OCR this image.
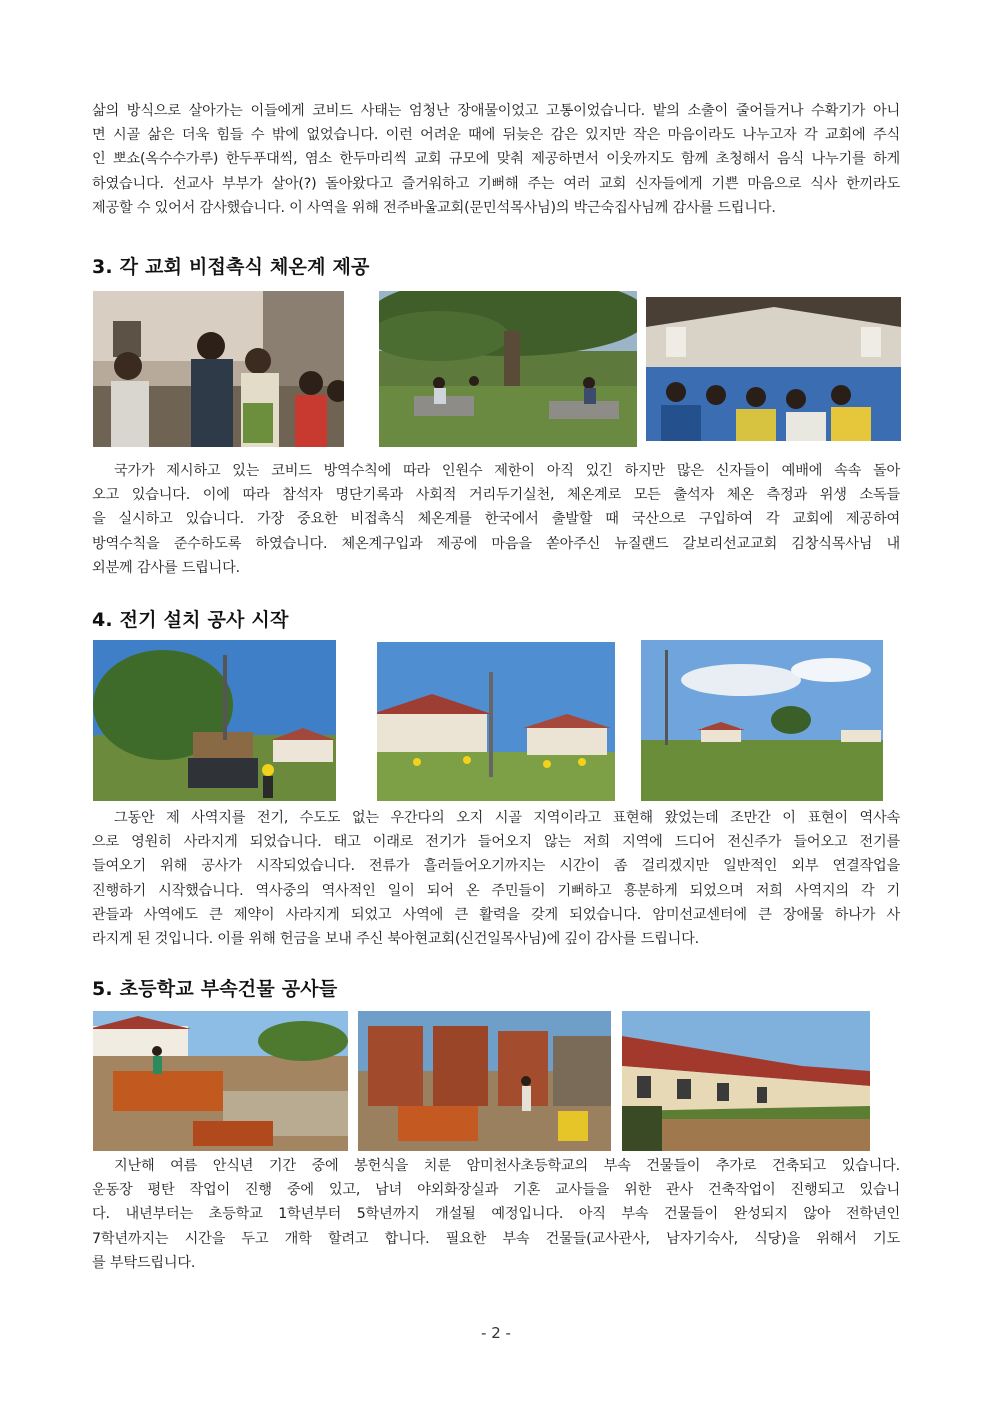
삶의 방식으로 살아가는 이들에게 코비드 사태는 엄청난 장애물이었고 고통이었습니다. 밭의 소출이 줄어들거나 수확기가 아니
면 시골 삶은 더욱 힘들 수 밖에 없었습니다. 이런 어려운 때에 뒤늦은 감은 있지만 작은 마음이라도 나누고자 각 교회에 주식
인 뽀쇼(옥수수가루) 한두푸대씩, 염소 한두마리씩 교회 규모에 맞춰 제공하면서 이웃까지도 함께 초청해서 음식 나누기를 하게
하였습니다. 선교사 부부가 살아(?) 돌아왔다고 즐거워하고 기뻐해 주는 여러 교회 신자들에게 기쁜 마음으로 식사 한끼라도
제공할 수 있어서 감사했습니다. 이 사역을 위해 전주바울교회(문민석목사님)의 박근숙집사님께 감사를 드립니다.
3. 각 교회 비접촉식 체온계 제공
국가가 제시하고 있는 코비드 방역수칙에 따라 인원수 제한이 아직 있긴 하지만 많은 신자들이 예배에 속속 돌아
오고 있습니다. 이에 따라 참석자 명단기록과 사회적 거리두기실천, 체온계로 모든 출석자 체온 측정과 위생 소독들
을 실시하고 있습니다. 가장 중요한 비접촉식 체온계를 한국에서 출발할 때 국산으로 구입하여 각 교회에 제공하여
방역수칙을 준수하도록 하였습니다. 체온계구입과 제공에 마음을 쏟아주신 뉴질랜드 갈보리선교교회 김창식목사님 내
외분께 감사를 드립니다.
4. 전기 설치 공사 시작
그동안 제 사역지를 전기, 수도도 없는 우간다의 오지 시골 지역이라고 표현해 왔었는데 조만간 이 표현이 역사속
으로 영원히 사라지게 되었습니다. 태고 이래로 전기가 들어오지 않는 저희 지역에 드디어 전신주가 들어오고 전기를
들여오기 위해 공사가 시작되었습니다. 전류가 흘러들어오기까지는 시간이 좀 걸리겠지만 일반적인 외부 연결작업을
진행하기 시작했습니다. 역사중의 역사적인 일이 되어 온 주민들이 기뻐하고 흥분하게 되었으며 저희 사역지의 각 기
관들과 사역에도 큰 제약이 사라지게 되었고 사역에 큰 활력을 갖게 되었습니다. 암미선교센터에 큰 장애물 하나가 사
라지게 된 것입니다. 이를 위해 헌금을 보내 주신 북아현교회(신건일목사님)에 깊이 감사를 드립니다.
5. 초등학교 부속건물 공사들
지난해 여름 안식년 기간 중에 봉헌식을 치룬 암미천사초등학교의 부속 건물들이 추가로 건축되고 있습니다.
운동장 평탄 작업이 진행 중에 있고, 남녀 야외화장실과 기혼 교사들을 위한 관사 건축작업이 진행되고 있습니
다. 내년부터는 초등학교 1학년부터 5학년까지 개설될 예정입니다. 아직 부속 건물들이 완성되지 않아 전학년인
7학년까지는 시간을 두고 개학 할려고 합니다. 필요한 부속 건물들(교사관사, 남자기숙사, 식당)을 위해서 기도
를 부탁드립니다.
- 2 -
